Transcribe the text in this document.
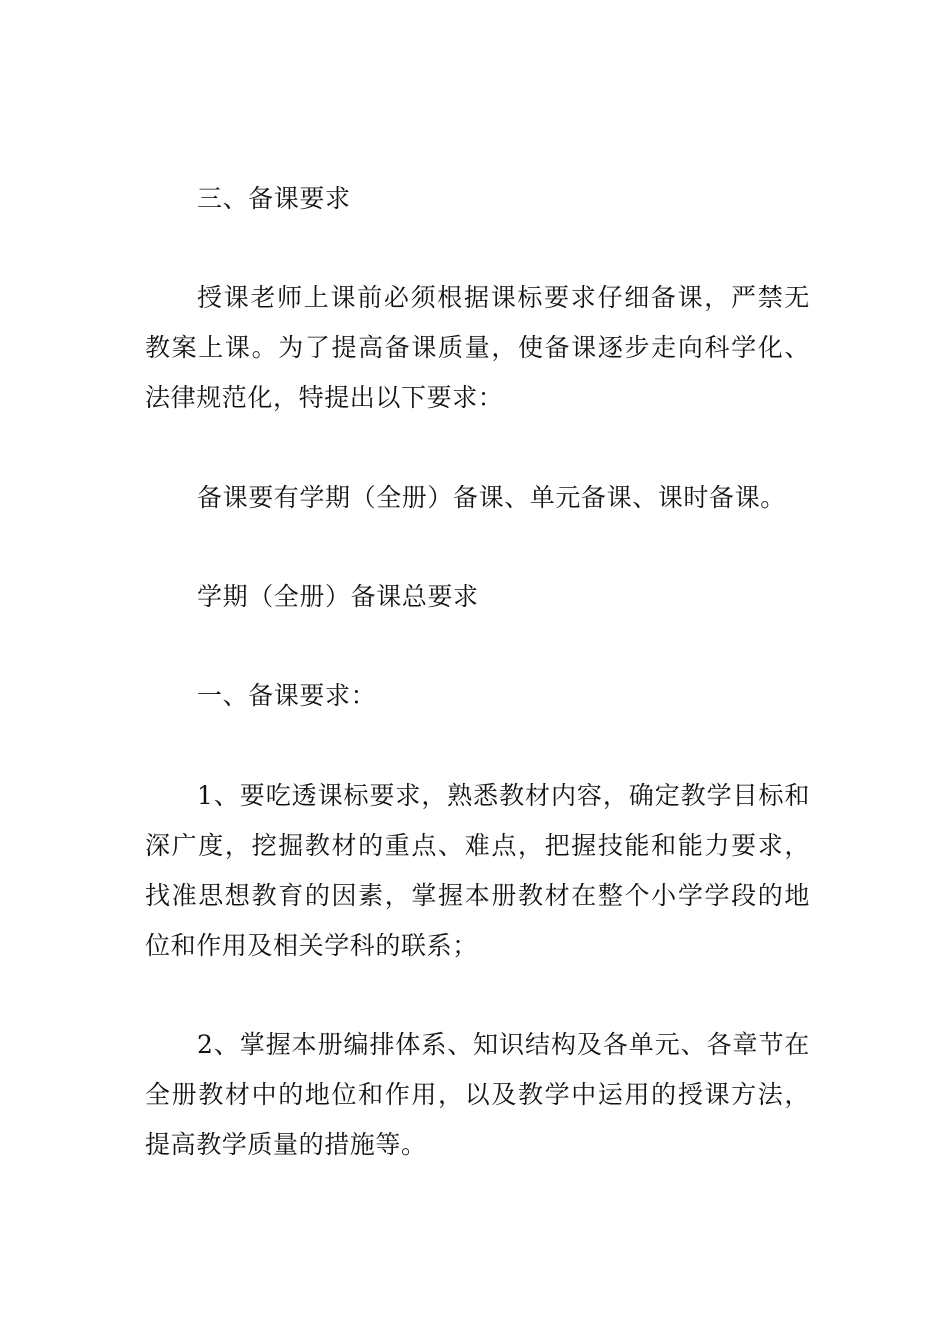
三、备课要求

授课老师上课前必须根据课标要求仔细备课，严禁无教案上课。为了提高备课质量，使备课逐步走向科学化、法律规范化，特提出以下要求：

备课要有学期（全册）备课、单元备课、课时备课。

学期（全册）备课总要求

一、备课要求：

1、要吃透课标要求，熟悉教材内容，确定教学目标和深广度，挖掘教材的重点、难点，把握技能和能力要求，找准思想教育的因素，掌握本册教材在整个小学学段的地位和作用及相关学科的联系；

2、掌握本册编排体系、知识结构及各单元、各章节在全册教材中的地位和作用，以及教学中运用的授课方法，提高教学质量的措施等。
